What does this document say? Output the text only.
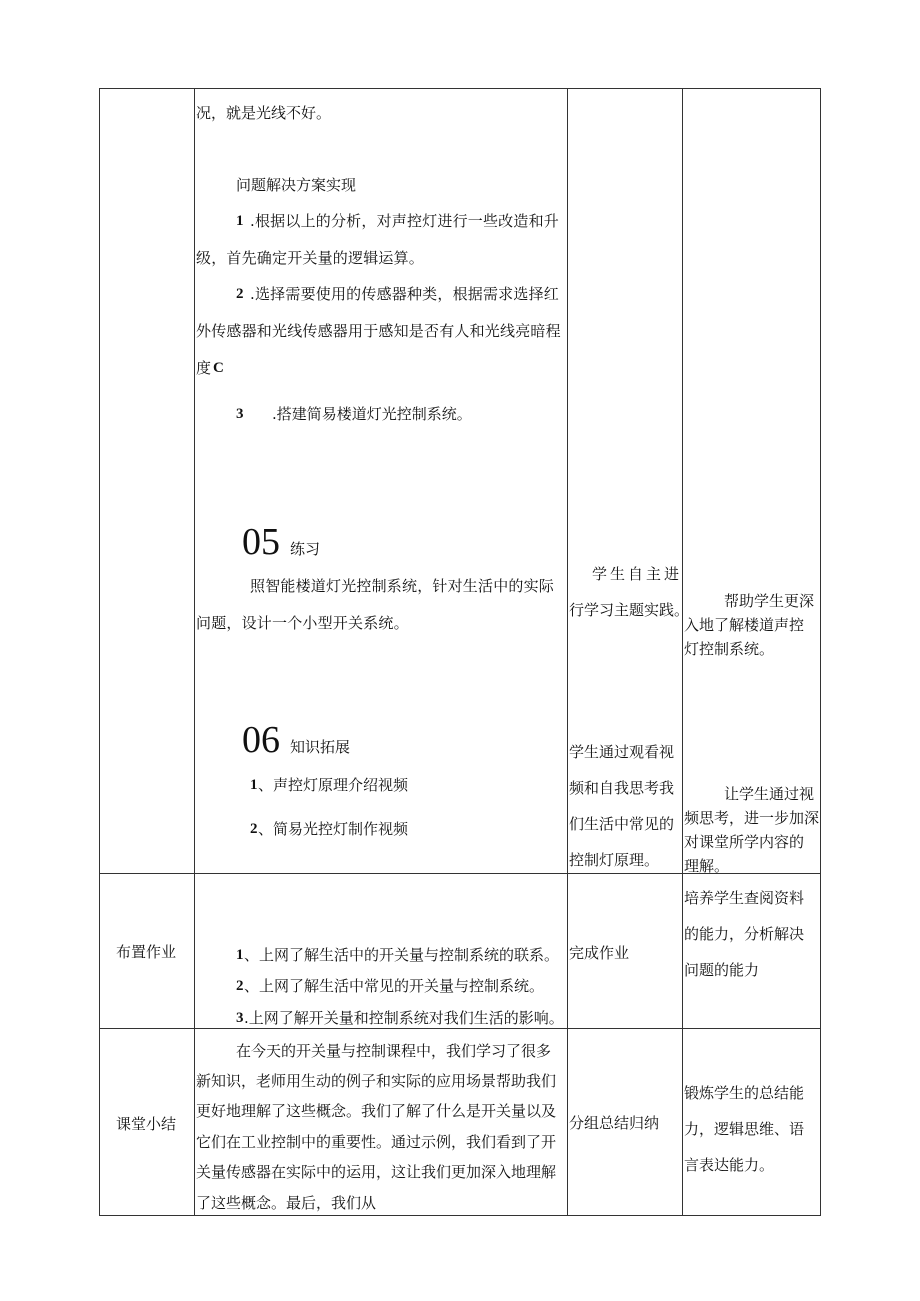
况，就是光线不好。
问题解决方案实现
1 .根据以上的分析，对声控灯进行一些改造和升
级，首先确定开关量的逻辑运算。
2 .选择需要使用的传感器种类，根据需求选择红
外传感器和光线传感器用于感知是否有人和光线亮暗程
度 C
3 .搭建简易楼道灯光控制系统。
05 练习
照智能楼道灯光控制系统，针对生活中的实际
问题，设计一个小型开关系统。
学生自主进
行学习主题实践。 帮助学生更深
入地了解楼道声控
灯控制系统。
06 知识拓展
1 、声控灯原理介绍视频
2 、简易光控灯制作视频
学生通过观看视
频和自我思考我
们生活中常见的
控制灯原理。
让学生通过视
频思考，进一步加深
对课堂所学内容的
理解。
布置作业	1 、上网了解生活中的开关量与控制系统的联系。
2 、上网了解生活中常见的开关量与控制系统。
3 .上网了解开关量和控制系统对我们生活的影响。
完成作业
培养学生查阅资料
的能力，分析解决
问题的能力
课堂小结
在今天的开关量与控制课程中，我们学习了很多
新知识，老师用生动的例子和实际的应用场景帮助我们
更好地理解了这些概念。我们了解了什么是开关量以及
它们在工业控制中的重要性。通过示例，我们看到了开
关量传感器在实际中的运用，这让我们更加深入地理解
了这些概念。最后，我们从
分组总结归纳
锻炼学生的总结能
力，逻辑思维、语
言表达能力。
